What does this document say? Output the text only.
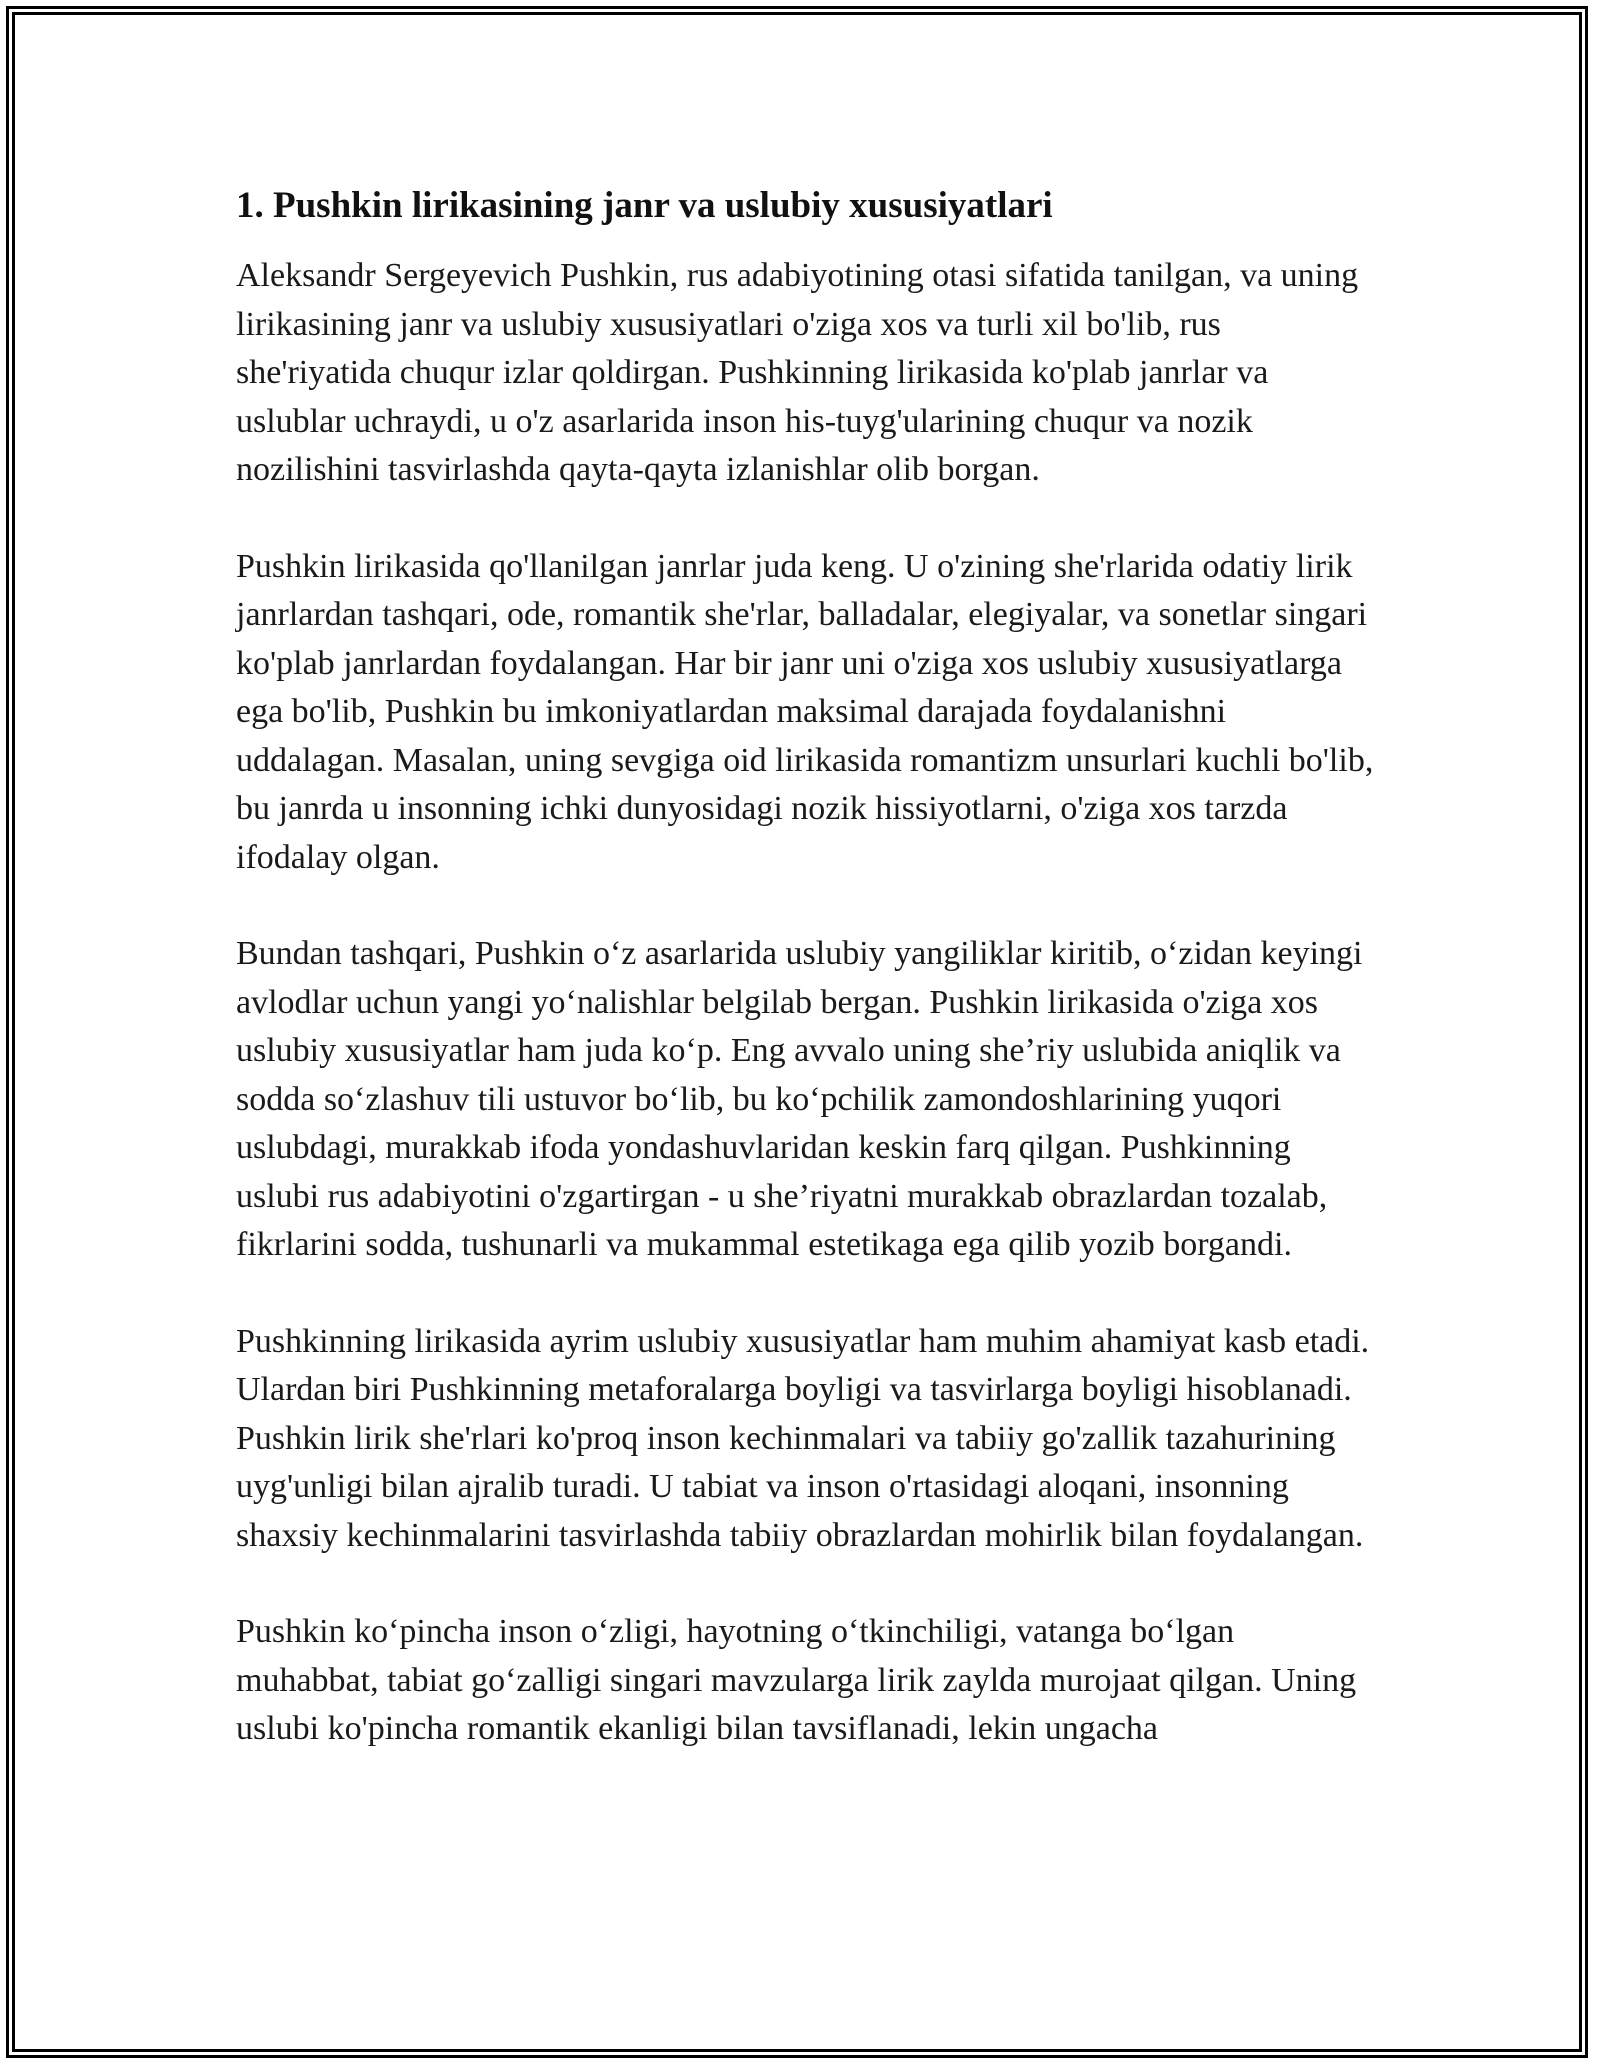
1. Pushkin lirikasining janr va uslubiy xususiyatlari

Aleksandr Sergeyevich Pushkin, rus adabiyotining otasi sifatida tanilgan, va uning lirikasining janr va uslubiy xususiyatlari o'ziga xos va turli xil bo'lib, rus she'riyatida chuqur izlar qoldirgan. Pushkinning lirikasida ko'plab janrlar va uslublar uchraydi, u o'z asarlarida inson his-tuyg'ularining chuqur va nozik nozilishini tasvirlashda qayta-qayta izlanishlar olib borgan.

Pushkin lirikasida qo'llanilgan janrlar juda keng. U o'zining she'rlarida odatiy lirik janrlardan tashqari, ode, romantik she'rlar, balladalar, elegiyalar, va sonetlar singari ko'plab janrlardan foydalangan. Har bir janr uni o'ziga xos uslubiy xususiyatlarga ega bo'lib, Pushkin bu imkoniyatlardan maksimal darajada foydalanishni uddalagan. Masalan, uning sevgiga oid lirikasida romantizm unsurlari kuchli bo'lib, bu janrda u insonning ichki dunyosidagi nozik hissiyotlarni, o'ziga xos tarzda ifodalay olgan.

Bundan tashqari, Pushkin o‘z asarlarida uslubiy yangiliklar kiritib, o‘zidan keyingi avlodlar uchun yangi yo‘nalishlar belgilab bergan. Pushkin lirikasida o'ziga xos uslubiy xususiyatlar ham juda ko‘p. Eng avvalo uning she’riy uslubida aniqlik va sodda so‘zlashuv tili ustuvor bo‘lib, bu ko‘pchilik zamondoshlarining yuqori uslubdagi, murakkab ifoda yondashuvlaridan keskin farq qilgan. Pushkinning uslubi rus adabiyotini o'zgartirgan - u she’riyatni murakkab obrazlardan tozalab, fikrlarini sodda, tushunarli va mukammal estetikaga ega qilib yozib borgandi.

Pushkinning lirikasida ayrim uslubiy xususiyatlar ham muhim ahamiyat kasb etadi. Ulardan biri Pushkinning metaforalarga boyligi va tasvirlarga boyligi hisoblanadi. Pushkin lirik she'rlari ko'proq inson kechinmalari va tabiiy go'zallik tazahurining uyg'unligi bilan ajralib turadi. U tabiat va inson o'rtasidagi aloqani, insonning shaxsiy kechinmalarini tasvirlashda tabiiy obrazlardan mohirlik bilan foydalangan.

Pushkin ko‘pincha inson o‘zligi, hayotning o‘tkinchiligi, vatanga bo‘lgan muhabbat, tabiat go‘zalligi singari mavzularga lirik zaylda murojaat qilgan. Uning uslubi ko'pincha romantik ekanligi bilan tavsiflanadi, lekin ungacha
